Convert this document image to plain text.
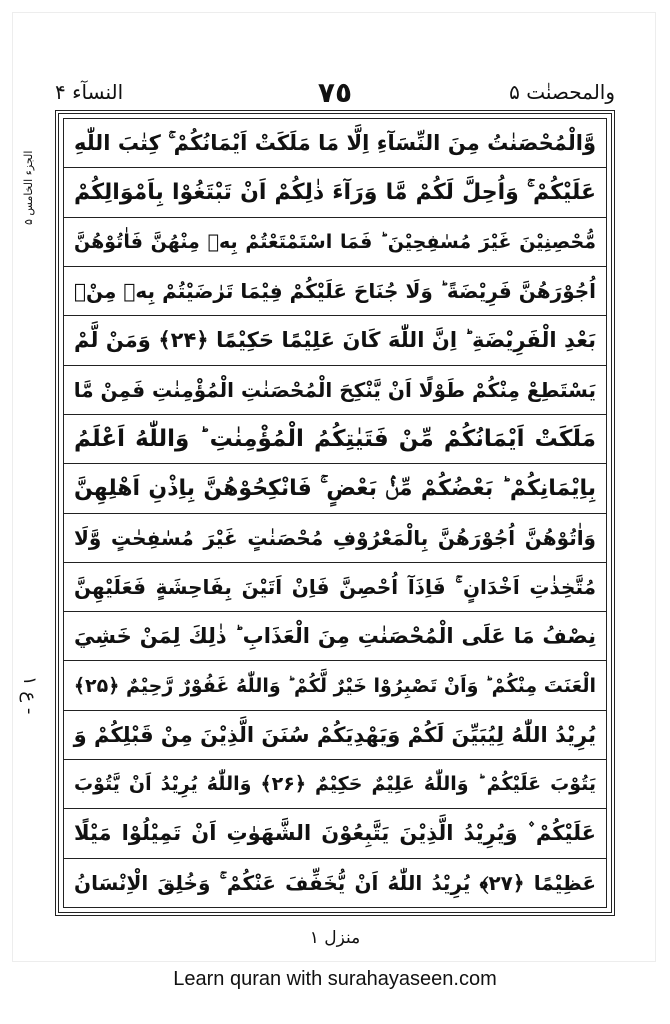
والمحصنٰت ۵
٧٥
النسآء ۴
الجزء الخامس ۵
ع ١ -
وَّالْمُحْصَنٰتُ مِنَ النِّسَآءِ اِلَّا مَا مَلَكَتْ اَيْمَانُكُمْ ۚ كِتٰبَ اللّٰهِ
عَلَيْكُمْ ۚ وَاُحِلَّ لَكُمْ مَّا وَرَآءَ ذٰلِكُمْ اَنْ تَبْتَغُوْا بِاَمْوَالِكُمْ
مُّحْصِنِيْنَ غَيْرَ مُسٰفِحِيْنَ ؕ فَمَا اسْتَمْتَعْتُمْ بِهٖ مِنْهُنَّ فَاٰتُوْهُنَّ
اُجُوْرَهُنَّ فَرِيْضَةً ؕ وَلَا جُنَاحَ عَلَيْكُمْ فِيْمَا تَرٰضَيْتُمْ بِهٖ مِنْۢ
بَعْدِ الْفَرِيْضَةِ ؕ اِنَّ اللّٰهَ كَانَ عَلِيْمًا حَكِيْمًا ﴿۲۴﴾ وَمَنْ لَّمْ
يَسْتَطِعْ مِنْكُمْ طَوْلًا اَنْ يَّنْكِحَ الْمُحْصَنٰتِ الْمُؤْمِنٰتِ فَمِنْ مَّا
مَلَكَتْ اَيْمَانُكُمْ مِّنْ فَتَيٰتِكُمُ الْمُؤْمِنٰتِ ؕ وَاللّٰهُ اَعْلَمُ
بِاِيْمَانِكُمْ ؕ بَعْضُكُمْ مِّنْۢ بَعْضٍ ۚ فَانْكِحُوْهُنَّ بِاِذْنِ اَهْلِهِنَّ
وَاٰتُوْهُنَّ اُجُوْرَهُنَّ بِالْمَعْرُوْفِ مُحْصَنٰتٍ غَيْرَ مُسٰفِحٰتٍ وَّلَا
مُتَّخِذٰتِ اَخْدَانٍ ۚ فَاِذَآ اُحْصِنَّ فَاِنْ اَتَيْنَ بِفَاحِشَةٍ فَعَلَيْهِنَّ
نِصْفُ مَا عَلَى الْمُحْصَنٰتِ مِنَ الْعَذَابِ ؕ ذٰلِكَ لِمَنْ خَشِيَ
الْعَنَتَ مِنْكُمْ ؕ وَاَنْ تَصْبِرُوْا خَيْرٌ لَّكُمْ ؕ وَاللّٰهُ غَفُوْرٌ رَّحِيْمٌ ﴿۲۵﴾
يُرِيْدُ اللّٰهُ لِيُبَيِّنَ لَكُمْ وَيَهْدِيَكُمْ سُنَنَ الَّذِيْنَ مِنْ قَبْلِكُمْ وَ
يَتُوْبَ عَلَيْكُمْ ؕ وَاللّٰهُ عَلِيْمٌ حَكِيْمٌ ﴿۲۶﴾ وَاللّٰهُ يُرِيْدُ اَنْ يَّتُوْبَ
عَلَيْكُمْ ۫ وَيُرِيْدُ الَّذِيْنَ يَتَّبِعُوْنَ الشَّهَوٰتِ اَنْ تَمِيْلُوْا مَيْلًا
عَظِيْمًا ﴿۲۷﴾ يُرِيْدُ اللّٰهُ اَنْ يُّخَفِّفَ عَنْكُمْ ۚ وَخُلِقَ الْاِنْسَانُ
منزل ۱
Learn quran with surahayaseen.com
